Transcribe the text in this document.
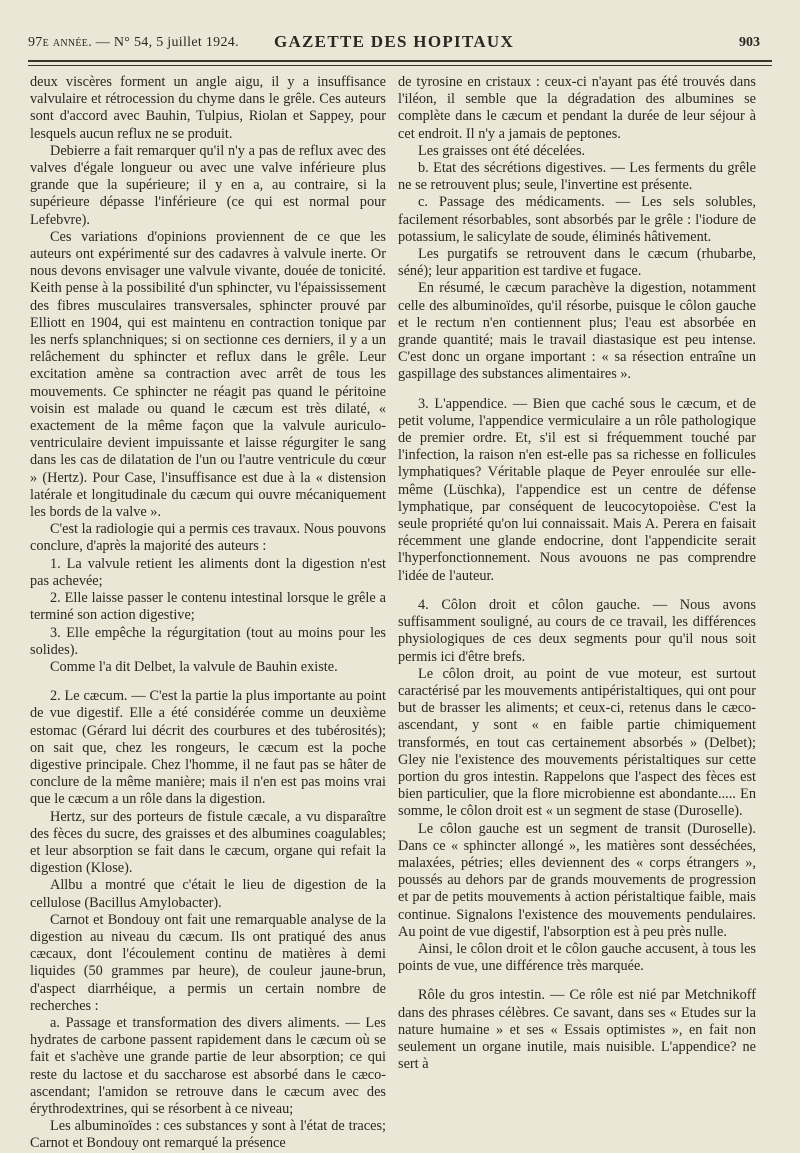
97e année. — N° 54, 5 juillet 1924.	GAZETTE DES HOPITAUX	903

deux viscères forment un angle aigu, il y a insuffisance valvulaire et rétrocession du chyme dans le grêle. Ces auteurs sont d'accord avec Bauhin, Tulpius, Riolan et Sappey, pour lesquels aucun reflux ne se produit.

Debierre a fait remarquer qu'il n'y a pas de reflux avec des valves d'égale longueur ou avec une valve inférieure plus grande que la supérieure; il y en a, au contraire, si la supérieure dépasse l'inférieure (ce qui est normal pour Lefebvre).

Ces variations d'opinions proviennent de ce que les auteurs ont expérimenté sur des cadavres à valvule inerte. Or nous devons envisager une valvule vivante, douée de tonicité. Keith pense à la possibilité d'un sphincter, vu l'épaississement des fibres musculaires transversales, sphincter prouvé par Elliott en 1904, qui est maintenu en contraction tonique par les nerfs splanchniques; si on sectionne ces derniers, il y a un relâchement du sphincter et reflux dans le grêle. Leur excitation amène sa contraction avec arrêt de tous les mouvements. Ce sphincter ne réagit pas quand le péritoine voisin est malade ou quand le cæcum est très dilaté, « exactement de la même façon que la valvule auriculo-ventriculaire devient impuissante et laisse régurgiter le sang dans les cas de dilatation de l'un ou l'autre ventricule du cœur » (Hertz). Pour Case, l'insuffisance est due à la « distension latérale et longitudinale du cæcum qui ouvre mécaniquement les bords de la valve ».

C'est la radiologie qui a permis ces travaux. Nous pouvons conclure, d'après la majorité des auteurs :

1. La valvule retient les aliments dont la digestion n'est pas achevée;

2. Elle laisse passer le contenu intestinal lorsque le grêle a terminé son action digestive;

3. Elle empêche la régurgitation (tout au moins pour les solides).

Comme l'a dit Delbet, la valvule de Bauhin existe.

2. Le cæcum. — C'est la partie la plus importante au point de vue digestif. Elle a été considérée comme un deuxième estomac (Gérard lui décrit des courbures et des tubérosités); on sait que, chez les rongeurs, le cæcum est la poche digestive principale. Chez l'homme, il ne faut pas se hâter de conclure de la même manière; mais il n'en est pas moins vrai que le cæcum a un rôle dans la digestion.

Hertz, sur des porteurs de fistule cæcale, a vu disparaître des fèces du sucre, des graisses et des albumines coagulables; et leur absorption se fait dans le cæcum, organe qui refait la digestion (Klose).

Allbu a montré que c'était le lieu de digestion de la cellulose (Bacillus Amylobacter).

Carnot et Bondouy ont fait une remarquable analyse de la digestion au niveau du cæcum. Ils ont pratiqué des anus cæcaux, dont l'écoulement continu de matières à demi liquides (50 grammes par heure), de couleur jaune-brun, d'aspect diarrhéique, a permis un certain nombre de recherches :

a. Passage et transformation des divers aliments. — Les hydrates de carbone passent rapidement dans le cæcum où se fait et s'achève une grande partie de leur absorption; ce qui reste du lactose et du saccharose est absorbé dans le cæco-ascendant; l'amidon se retrouve dans le cæcum avec des érythrodextrines, qui se résorbent à ce niveau;

Les albuminoïdes : ces substances y sont à l'état de traces; Carnot et Bondouy ont remarqué la présence

de tyrosine en cristaux : ceux-ci n'ayant pas été trouvés dans l'iléon, il semble que la dégradation des albumines se complète dans le cæcum et pendant la durée de leur séjour à cet endroit. Il n'y a jamais de peptones.

Les graisses ont été décelées.

b. Etat des sécrétions digestives. — Les ferments du grêle ne se retrouvent plus; seule, l'invertine est présente.

c. Passage des médicaments. — Les sels solubles, facilement résorbables, sont absorbés par le grêle : l'iodure de potassium, le salicylate de soude, éliminés hâtivement.

Les purgatifs se retrouvent dans le cæcum (rhubarbe, séné); leur apparition est tardive et fugace.

En résumé, le cæcum parachève la digestion, notamment celle des albuminoïdes, qu'il résorbe, puisque le côlon gauche et le rectum n'en contiennent plus; l'eau est absorbée en grande quantité; mais le travail diastasique est peu intense. C'est donc un organe important : « sa résection entraîne un gaspillage des substances alimentaires ».

3. L'appendice. — Bien que caché sous le cæcum, et de petit volume, l'appendice vermiculaire a un rôle pathologique de premier ordre. Et, s'il est si fréquemment touché par l'infection, la raison n'en est-elle pas sa richesse en follicules lymphatiques? Véritable plaque de Peyer enroulée sur elle-même (Lüschka), l'appendice est un centre de défense lymphatique, par conséquent de leucocytopoièse. C'est la seule propriété qu'on lui connaissait. Mais A. Perera en faisait récemment une glande endocrine, dont l'appendicite serait l'hyperfonctionnement. Nous avouons ne pas comprendre l'idée de l'auteur.

4. Côlon droit et côlon gauche. — Nous avons suffisamment souligné, au cours de ce travail, les différences physiologiques de ces deux segments pour qu'il nous soit permis ici d'être brefs.

Le côlon droit, au point de vue moteur, est surtout caractérisé par les mouvements antipéristaltiques, qui ont pour but de brasser les aliments; et ceux-ci, retenus dans le cæco-ascendant, y sont « en faible partie chimiquement transformés, en tout cas certainement absorbés » (Delbet); Gley nie l'existence des mouvements péristaltiques sur cette portion du gros intestin. Rappelons que l'aspect des fèces est bien particulier, que la flore microbienne est abondante..... En somme, le côlon droit est « un segment de stase (Duroselle).

Le côlon gauche est un segment de transit (Duroselle). Dans ce « sphincter allongé », les matières sont desséchées, malaxées, pétries; elles deviennent des « corps étrangers », poussés au dehors par de grands mouvements de progression et par de petits mouvements à action péristaltique faible, mais continue. Signalons l'existence des mouvements pendulaires. Au point de vue digestif, l'absorption est à peu près nulle.

Ainsi, le côlon droit et le côlon gauche accusent, à tous les points de vue, une différence très marquée.

Rôle du gros intestin. — Ce rôle est nié par Metchnikoff dans des phrases célèbres. Ce savant, dans ses « Etudes sur la nature humaine » et ses « Essais optimistes », en fait non seulement un organe inutile, mais nuisible. L'appendice? ne sert à
